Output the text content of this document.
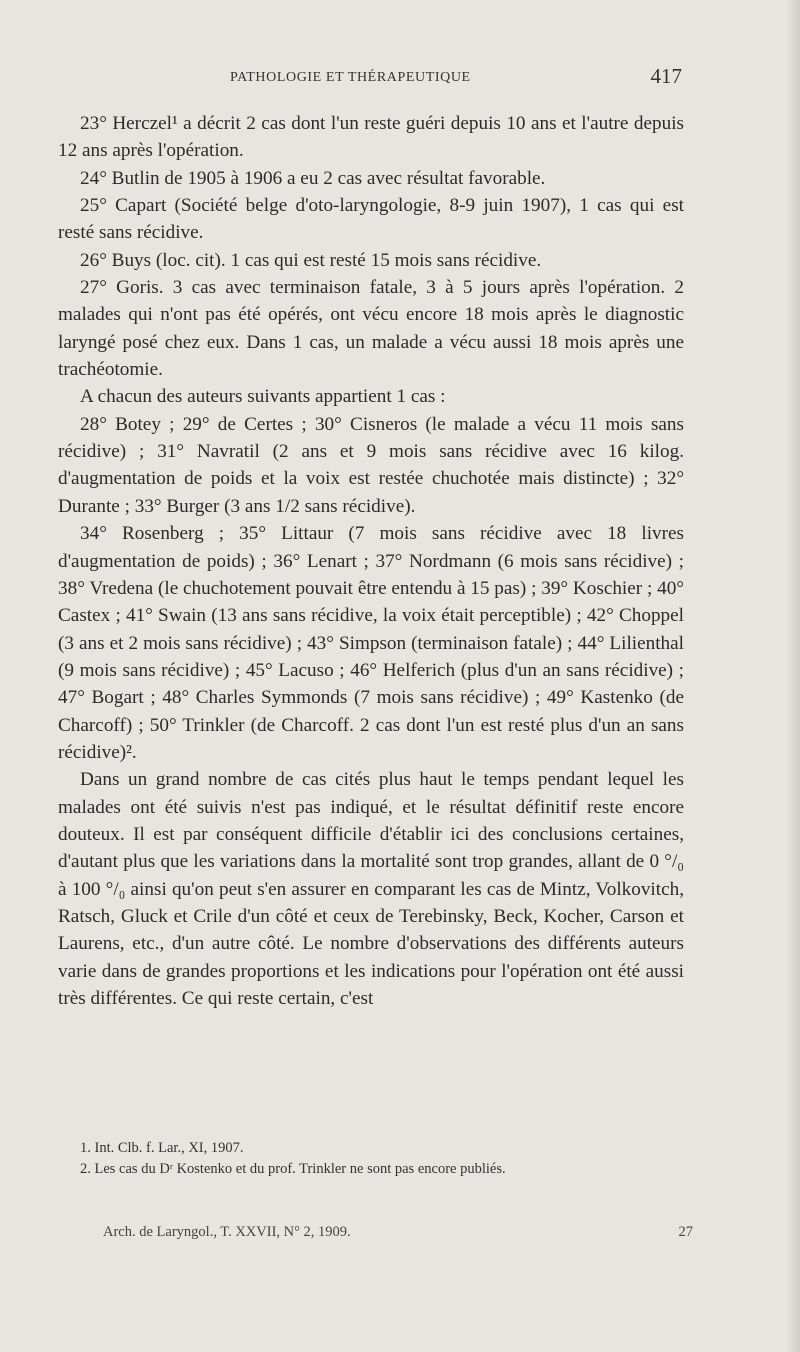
PATHOLOGIE ET THÉRAPEUTIQUE	417

23° Herczel¹ a décrit 2 cas dont l'un reste guéri depuis 10 ans et l'autre depuis 12 ans après l'opération.

24° Butlin de 1905 à 1906 a eu 2 cas avec résultat favorable.

25° Capart (Société belge d'oto-laryngologie, 8-9 juin 1907), 1 cas qui est resté sans récidive.

26° Buys (loc. cit). 1 cas qui est resté 15 mois sans récidive.

27° Goris. 3 cas avec terminaison fatale, 3 à 5 jours après l'opération. 2 malades qui n'ont pas été opérés, ont vécu encore 18 mois après le diagnostic laryngé posé chez eux. Dans 1 cas, un malade a vécu aussi 18 mois après une trachéotomie.

A chacun des auteurs suivants appartient 1 cas :

28° Botey ; 29° de Certes ; 30° Cisneros (le malade a vécu 11 mois sans récidive) ; 31° Navratil (2 ans et 9 mois sans récidive avec 16 kilog. d'augmentation de poids et la voix est restée chuchotée mais distincte) ; 32° Durante ; 33° Burger (3 ans 1/2 sans récidive).

34° Rosenberg ; 35° Littaur (7 mois sans récidive avec 18 livres d'augmentation de poids) ; 36° Lenart ; 37° Nordmann (6 mois sans récidive) ; 38° Vredena (le chuchotement pouvait être entendu à 15 pas) ; 39° Koschier ; 40° Castex ; 41° Swain (13 ans sans récidive, la voix était perceptible) ; 42° Choppel (3 ans et 2 mois sans récidive) ; 43° Simpson (terminaison fatale) ; 44° Lilienthal (9 mois sans récidive) ; 45° Lacuso ; 46° Helferich (plus d'un an sans récidive) ; 47° Bogart ; 48° Charles Symmonds (7 mois sans récidive) ; 49° Kastenko (de Charcoff) ; 50° Trinkler (de Charcoff. 2 cas dont l'un est resté plus d'un an sans récidive)².

Dans un grand nombre de cas cités plus haut le temps pendant lequel les malades ont été suivis n'est pas indiqué, et le résultat définitif reste encore douteux. Il est par conséquent difficile d'établir ici des conclusions certaines, d'autant plus que les variations dans la mortalité sont trop grandes, allant de 0 °/₀ à 100 °/₀ ainsi qu'on peut s'en assurer en comparant les cas de Mintz, Volkovitch, Ratsch, Gluck et Crile d'un côté et ceux de Terebinsky, Beck, Kocher, Carson et Laurens, etc., d'un autre côté. Le nombre d'observations des différents auteurs varie dans de grandes proportions et les indications pour l'opération ont été aussi très différentes. Ce qui reste certain, c'est

1. Int. Clb. f. Lar., XI, 1907.

2. Les cas du Dʳ Kostenko et du prof. Trinkler ne sont pas encore publiés.

Arch. de Laryngol., T. XXVII, N° 2, 1909.	27
